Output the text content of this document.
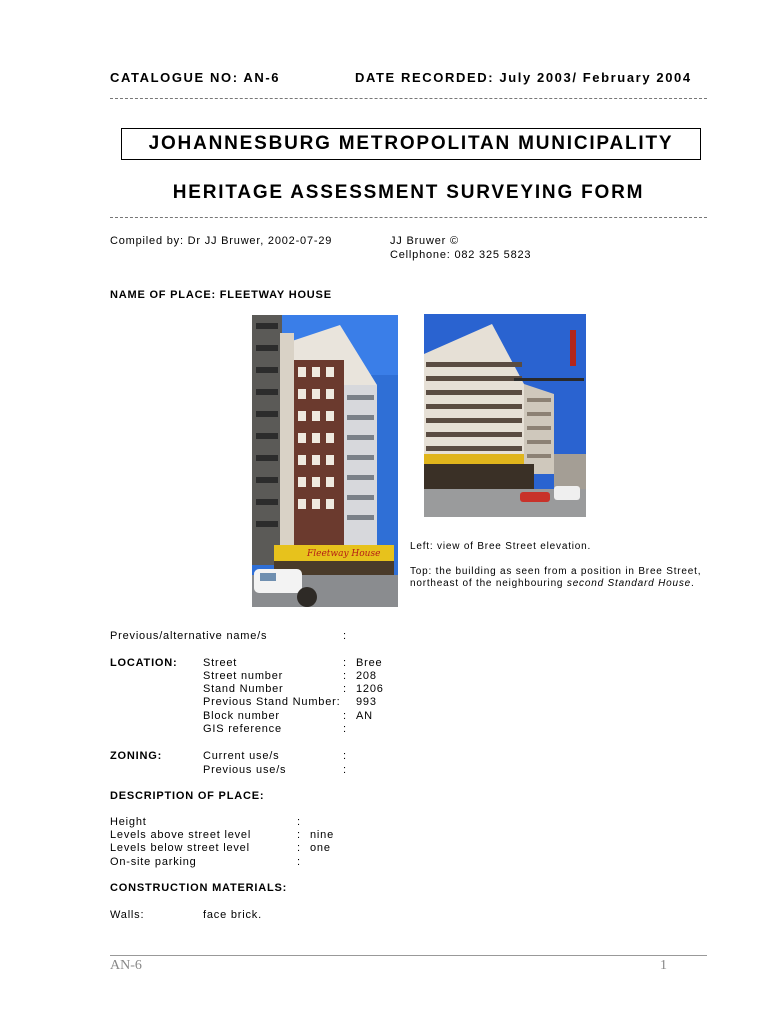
CATALOGUE NO: AN-6	DATE RECORDED: July 2003/ February 2004
JOHANNESBURG METROPOLITAN MUNICIPALITY
HERITAGE ASSESSMENT SURVEYING FORM
Compiled by: Dr JJ Bruwer, 2002-07-29	JJ Bruwer ©
Cellphone: 082 325 5823
NAME OF PLACE: FLEETWAY HOUSE
Fleetway House
Left: view of Bree Street elevation.
Top: the building as seen from a position in Bree Street,
northeast of the neighbouring second Standard House.
Previous/alternative name/s	:
LOCATION: Street	: Bree
Street number	: 208
Stand Number	: 1206
Previous Stand Number: 993
Block number	: AN
GIS reference	:
ZONING:	Current use/s	:
Previous use/s	:
DESCRIPTION OF PLACE:
Height	:
Levels above street level	: nine
Levels below street level	: one
On-site parking	:
CONSTRUCTION MATERIALS:
Walls:	face brick.
AN-6	1
